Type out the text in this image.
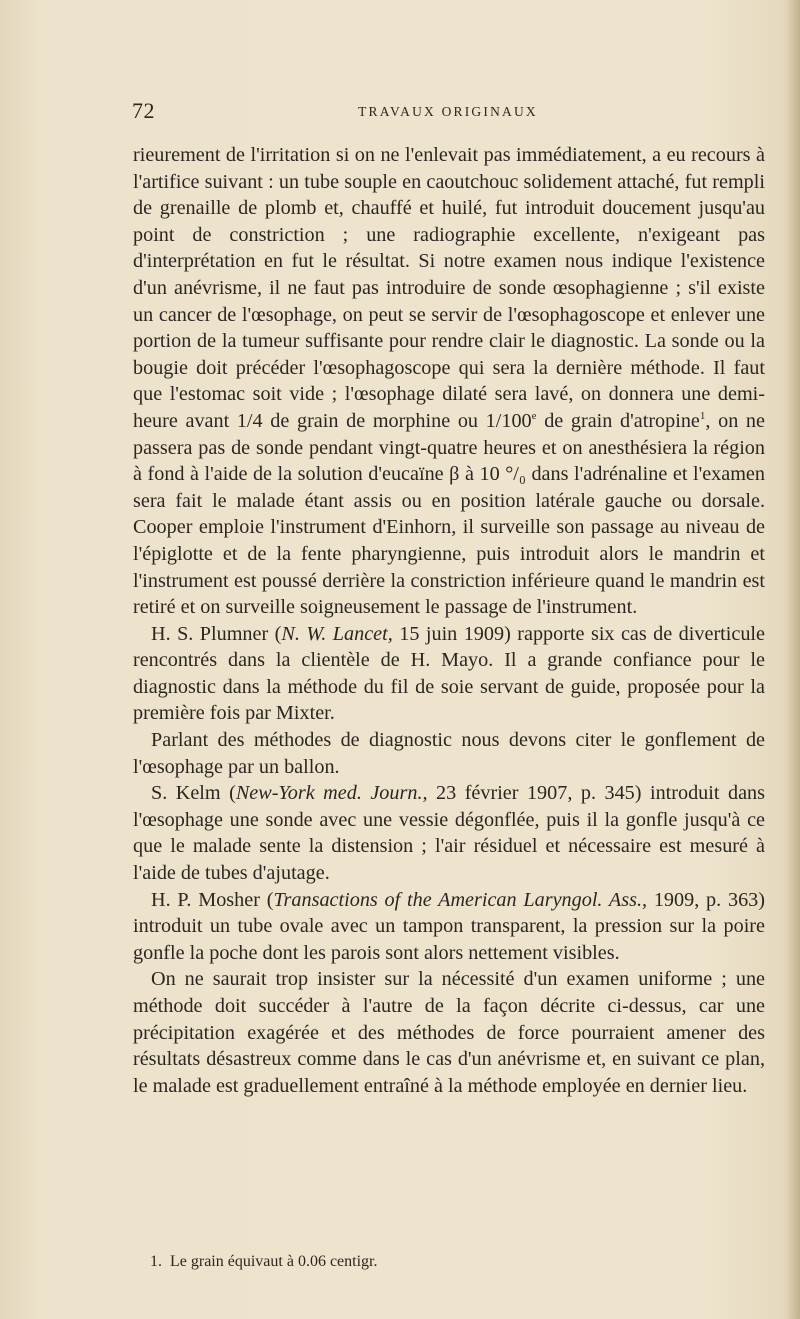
72	TRAVAUX ORIGINAUX

rieurement de l'irritation si on ne l'enlevait pas immédiatement, a eu recours à l'artifice suivant : un tube souple en caoutchouc solidement attaché, fut rempli de grenaille de plomb et, chauffé et huilé, fut introduit doucement jusqu'au point de constriction ; une radiographie excellente, n'exigeant pas d'interprétation en fut le résultat. Si notre examen nous indique l'existence d'un anévrisme, il ne faut pas introduire de sonde œsophagienne ; s'il existe un cancer de l'œsophage, on peut se servir de l'œsophagoscope et enlever une portion de la tumeur suffisante pour rendre clair le diagnostic. La sonde ou la bougie doit précéder l'œsophagoscope qui sera la dernière méthode. Il faut que l'estomac soit vide ; l'œsophage dilaté sera lavé, on donnera une demi-heure avant 1/4 de grain de morphine ou 1/100e de grain d'atropine$^1$, on ne passera pas de sonde pendant vingt-quatre heures et on anesthésiera la région à fond à l'aide de la solution d'eucaïne β à 10 °/₀ dans l'adrénaline et l'examen sera fait le malade étant assis ou en position latérale gauche ou dorsale. Cooper emploie l'instrument d'Einhorn, il surveille son passage au niveau de l'épiglotte et de la fente pharyngienne, puis introduit alors le mandrin et l'instrument est poussé derrière la constriction inférieure quand le mandrin est retiré et on surveille soigneusement le passage de l'instrument.

H. S. Plumner (N. W. Lancet, 15 juin 1909) rapporte six cas de diverticule rencontrés dans la clientèle de H. Mayo. Il a grande confiance pour le diagnostic dans la méthode du fil de soie servant de guide, proposée pour la première fois par Mixter.

Parlant des méthodes de diagnostic nous devons citer le gonflement de l'œsophage par un ballon.

S. Kelm (New-York med. Journ., 23 février 1907, p. 345) introduit dans l'œsophage une sonde avec une vessie dégonflée, puis il la gonfle jusqu'à ce que le malade sente la distension ; l'air résiduel et nécessaire est mesuré à l'aide de tubes d'ajutage.

H. P. Mosher (Transactions of the American Laryngol. Ass., 1909, p. 363) introduit un tube ovale avec un tampon transparent, la pression sur la poire gonfle la poche dont les parois sont alors nettement visibles.

On ne saurait trop insister sur la nécessité d'un examen uniforme ; une méthode doit succéder à l'autre de la façon décrite ci-dessus, car une précipitation exagérée et des méthodes de force pourraient amener des résultats désastreux comme dans le cas d'un anévrisme et, en suivant ce plan, le malade est graduellement entraîné à la méthode employée en dernier lieu.

1. Le grain équivaut à 0.06 centigr.
